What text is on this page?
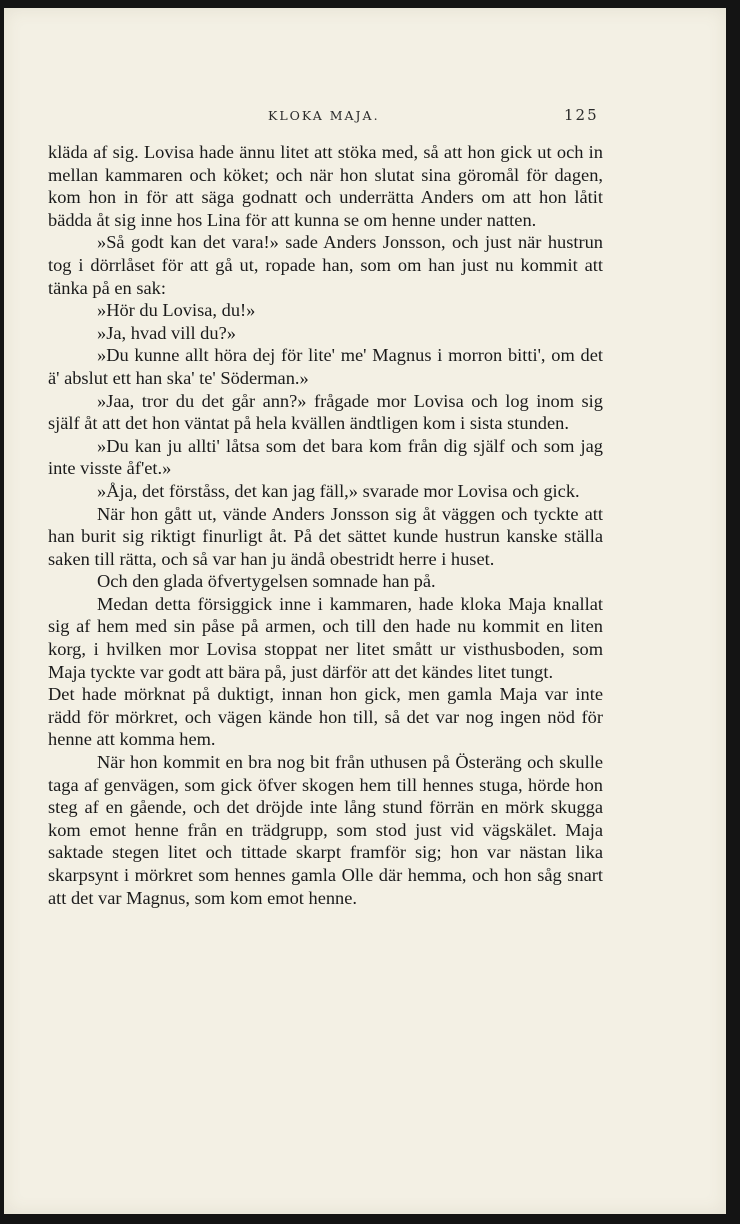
KLOKA MAJA.	125

kläda af sig. Lovisa hade ännu litet att stöka med, så att hon gick ut och in mellan kammaren och köket; och när hon slutat sina göromål för dagen, kom hon in för att säga godnatt och underrätta Anders om att hon låtit bädda åt sig inne hos Lina för att kunna se om henne under natten.

»Så godt kan det vara!» sade Anders Jonsson, och just när hustrun tog i dörrlåset för att gå ut, ropade han, som om han just nu kommit att tänka på en sak:

»Hör du Lovisa, du!»

»Ja, hvad vill du?»

»Du kunne allt höra dej för lite' me' Magnus i morron bitti', om det ä' abslut ett han ska' te' Söderman.»

»Jaa, tror du det går ann?» frågade mor Lovisa och log inom sig själf åt att det hon väntat på hela kvällen ändtligen kom i sista stunden.

»Du kan ju allti' låtsa som det bara kom från dig själf och som jag inte visste åf'et.»

»Åja, det förståss, det kan jag fäll,» svarade mor Lovisa och gick.

När hon gått ut, vände Anders Jonsson sig åt väggen och tyckte att han burit sig riktigt finurligt åt. På det sättet kunde hustrun kanske ställa saken till rätta, och så var han ju ändå obestridt herre i huset.

Och den glada öfvertygelsen somnade han på.

Medan detta försiggick inne i kammaren, hade kloka Maja knallat sig af hem med sin påse på armen, och till den hade nu kommit en liten korg, i hvilken mor Lovisa stoppat ner litet smått ur visthusboden, som Maja tyckte var godt att bära på, just därför att det kändes litet tungt.

Det hade mörknat på duktigt, innan hon gick, men gamla Maja var inte rädd för mörkret, och vägen kände hon till, så det var nog ingen nöd för henne att komma hem.

När hon kommit en bra nog bit från uthusen på Österäng och skulle taga af genvägen, som gick öfver skogen hem till hennes stuga, hörde hon steg af en gående, och det dröjde inte lång stund förrän en mörk skugga kom emot henne från en trädgrupp, som stod just vid vägskälet. Maja saktade stegen litet och tittade skarpt framför sig; hon var nästan lika skarpsynt i mörkret som hennes gamla Olle där hemma, och hon såg snart att det var Magnus, som kom emot henne.
